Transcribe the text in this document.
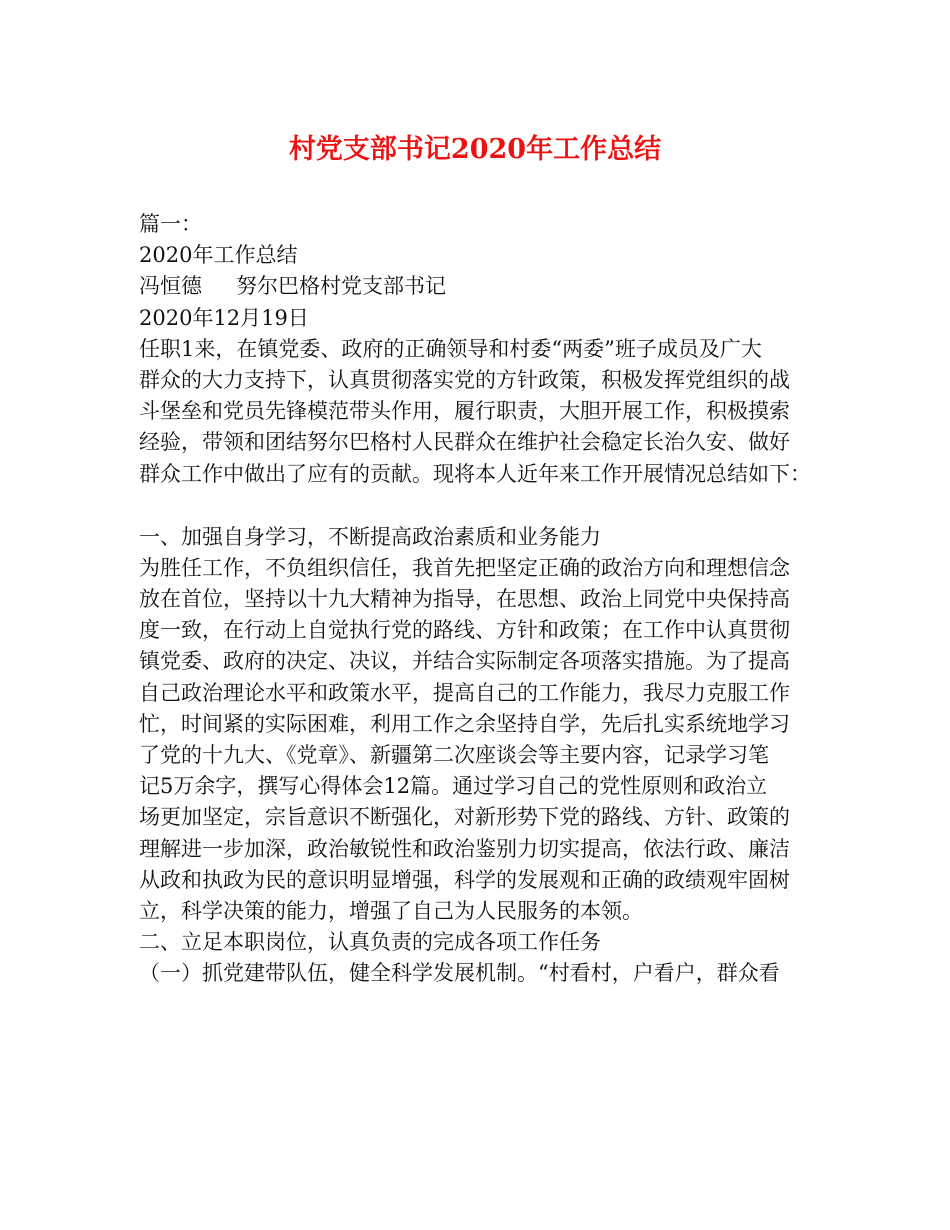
村党支部书记2020年工作总结
篇一：
2020年工作总结
冯恒德 努尔巴格村党支部书记
2020年12月19日
任职1来，在镇党委、政府的正确领导和村委“两委”班子成员及广大
群众的大力支持下，认真贯彻落实党的方针政策，积极发挥党组织的战
斗堡垒和党员先锋模范带头作用，履行职责，大胆开展工作，积极摸索
经验，带领和团结努尔巴格村人民群众在维护社会稳定长治久安、做好
群众工作中做出了应有的贡献。现将本人近年来工作开展情况总结如下：
一、加强自身学习，不断提高政治素质和业务能力
为胜任工作，不负组织信任，我首先把坚定正确的政治方向和理想信念
放在首位，坚持以十九大精神为指导，在思想、政治上同党中央保持高
度一致，在行动上自觉执行党的路线、方针和政策；在工作中认真贯彻
镇党委、政府的决定、决议，并结合实际制定各项落实措施。为了提高
自己政治理论水平和政策水平，提高自己的工作能力，我尽力克服工作
忙，时间紧的实际困难，利用工作之余坚持自学，先后扎实系统地学习
了党的十九大、《党章》、新疆第二次座谈会等主要内容，记录学习笔
记5万余字，撰写心得体会12篇。通过学习自己的党性原则和政治立
场更加坚定，宗旨意识不断强化，对新形势下党的路线、方针、政策的
理解进一步加深，政治敏锐性和政治鉴别力切实提高，依法行政、廉洁
从政和执政为民的意识明显增强，科学的发展观和正确的政绩观牢固树
立，科学决策的能力，增强了自己为人民服务的本领。
二、立足本职岗位，认真负责的完成各项工作任务
（一）抓党建带队伍，健全科学发展机制。“村看村，户看户，群众看
